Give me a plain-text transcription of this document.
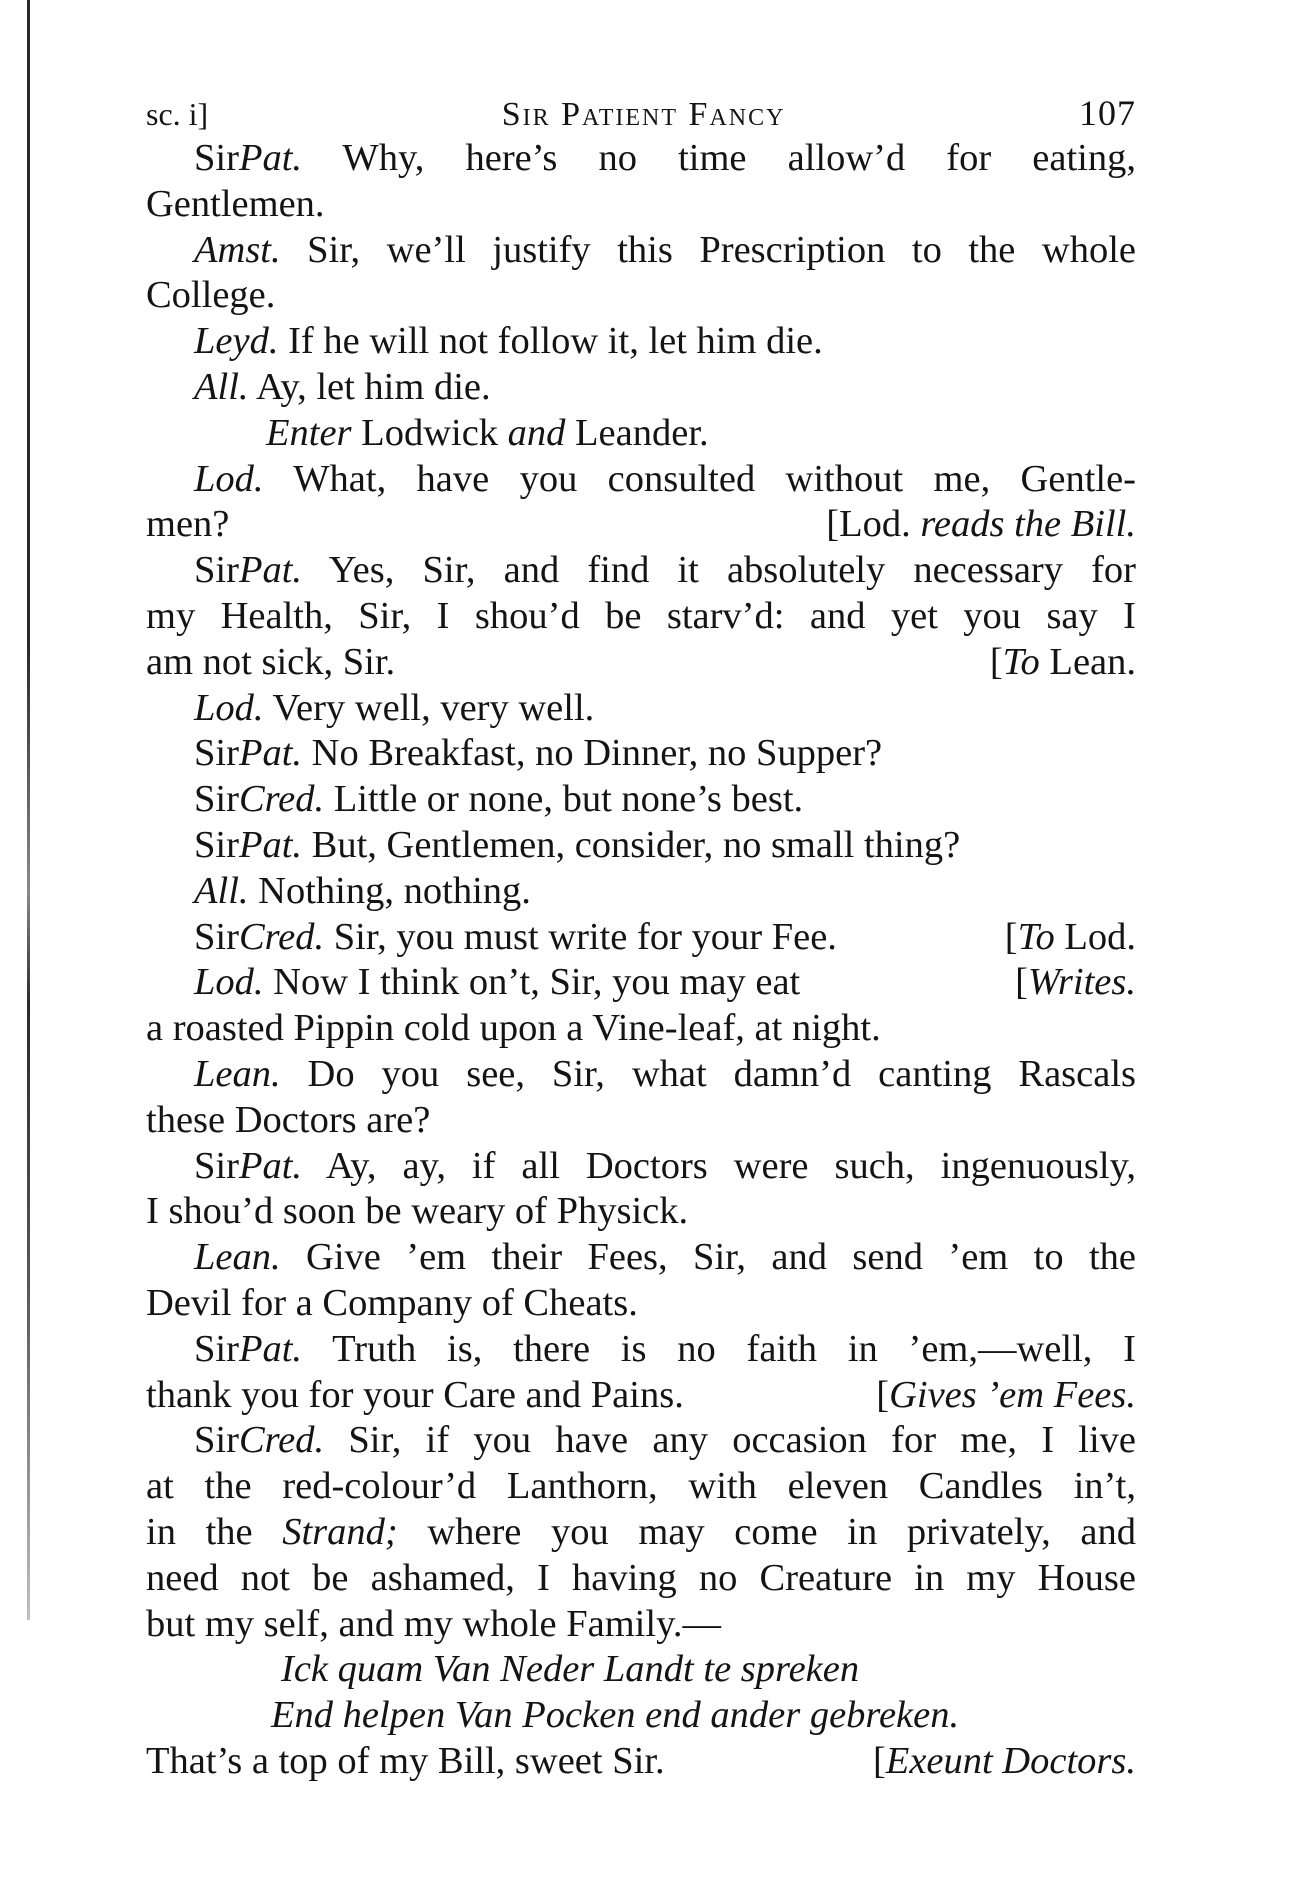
sc. i]	Sir Patient Fancy	107
SirPat. Why, here’s no time allow’d for eating,
Gentlemen.
Amst. Sir, we’ll justify this Prescription to the whole
College.
Leyd. If he will not follow it, let him die.
All. Ay, let him die.
Enter Lodwick and Leander.
Lod. What, have you consulted without me, Gentle-
men?	[Lod. reads the Bill.
SirPat. Yes, Sir, and find it absolutely necessary for
my Health, Sir, I shou’d be starv’d: and yet you say I
am not sick, Sir.	[To Lean.
Lod. Very well, very well.
SirPat. No Breakfast, no Dinner, no Supper?
SirCred. Little or none, but none’s best.
SirPat. But, Gentlemen, consider, no small thing?
All. Nothing, nothing.
SirCred. Sir, you must write for your Fee.	[To Lod.
Lod. Now I think on’t, Sir, you may eat	[Writes.
a roasted Pippin cold upon a Vine-leaf, at night.
Lean. Do you see, Sir, what damn’d canting Rascals
these Doctors are?
SirPat. Ay, ay, if all Doctors were such, ingenuously,
I shou’d soon be weary of Physick.
Lean. Give ’em their Fees, Sir, and send ’em to the
Devil for a Company of Cheats.
SirPat. Truth is, there is no faith in ’em,—well, I
thank you for your Care and Pains.	[Gives ’em Fees.
SirCred. Sir, if you have any occasion for me, I live
at the red-colour’d Lanthorn, with eleven Candles in’t,
in the Strand; where you may come in privately, and
need not be ashamed, I having no Creature in my House
but my self, and my whole Family.—
Ick quam Van Neder Landt te spreken
End helpen Van Pocken end ander gebreken.
That’s a top of my Bill, sweet Sir.	[Exeunt Doctors.
